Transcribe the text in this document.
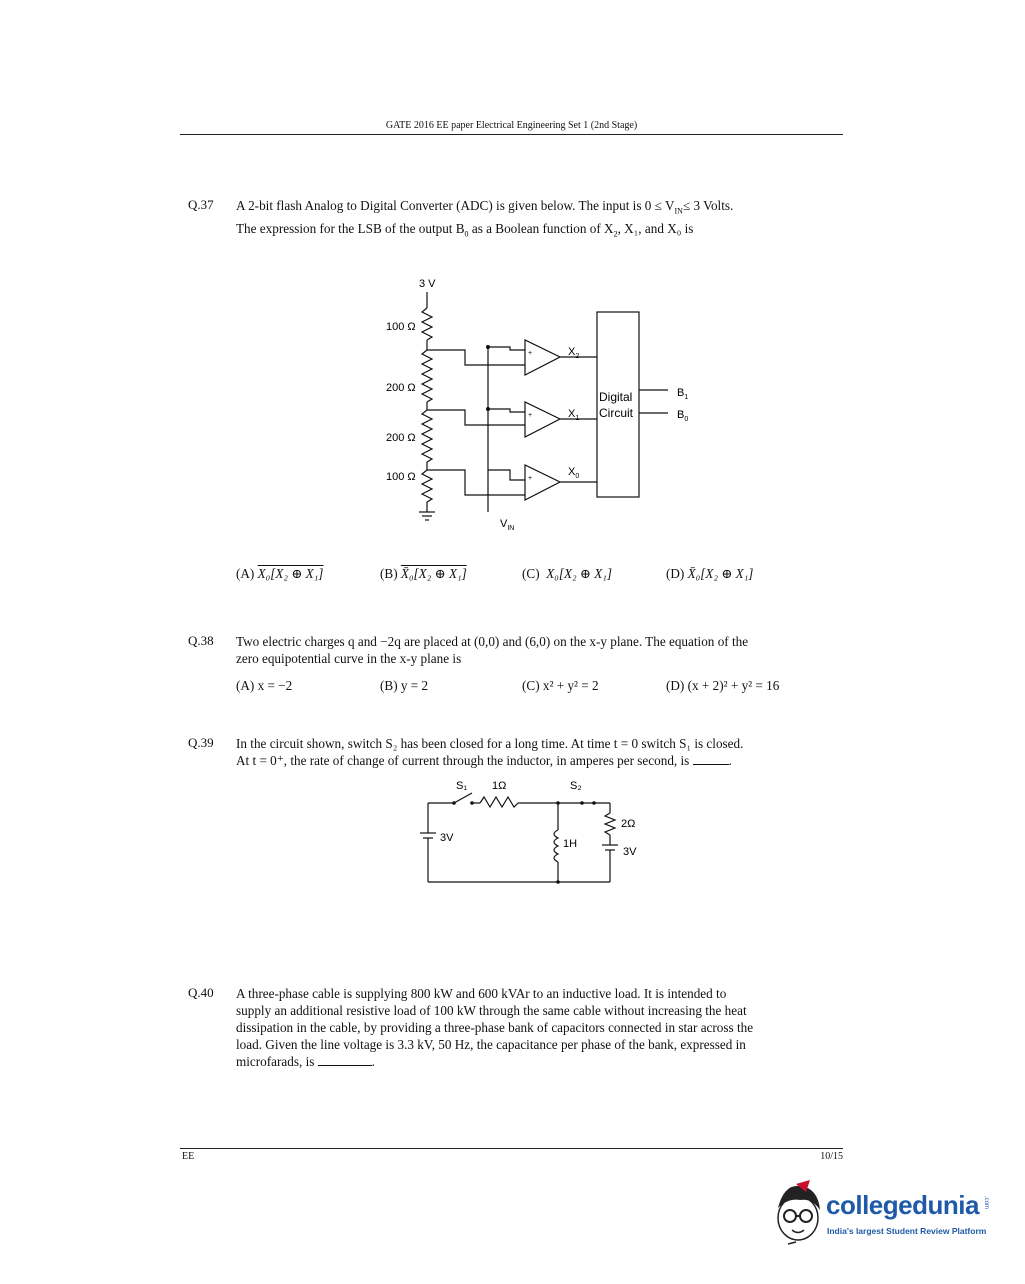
GATE 2016 EE paper Electrical Engineering Set 1 (2nd Stage)
Q.37 A 2-bit flash Analog to Digital Converter (ADC) is given below. The input is $0 \le V_{IN}\le 3$ Volts.
The expression for the LSB of the output $B_0$ as a Boolean function of $X_2$, X₁, and X₀ is
3 V
100 Ω
200 Ω
200 Ω
100 Ω
+
+
+
$X_2$
$X_1$
$X_0$
Digital
Circuit
$B_1$
$B_0$
$V_{IN}$
(A) X₀[X₂ ⊕ X₁]	(B) X̄₀[X₂ ⊕ X₁]	(C) X₀[X₂ ⊕ X₁]	(D) X̄₀[X₂ ⊕ X₁]
Q.38 Two electric charges q and −2q are placed at (0,0) and (6,0) on the x-y plane. The equation of the
zero equipotential curve in the x-y plane is
(A) x = −2	(B) y = 2	(C) x² + y² = 2	(D) (x + 2)² + y² = 16
Q.39 In the circuit shown, switch S₂ has been closed for a long time. At time t = 0 switch S₁ is closed.
At t = 0⁺, the rate of change of current through the inductor, in amperes per second, is	.
S₁ 1Ω	S₂
2Ω
3V	1H
3V
Q.40 A three-phase cable is supplying 800 kW and 600 kVAr to an inductive load. It is intended to
supply an additional resistive load of 100 kW through the same cable without increasing the heat
dissipation in the cable, by providing a three-phase bank of capacitors connected in star across the
load. Given the line voltage is 3.3 kV, 50 Hz, the capacitance per phase of the bank, expressed in
microfarads, is	.
EE	10/15
collegedunia .com
India's largest Student Review Platform
